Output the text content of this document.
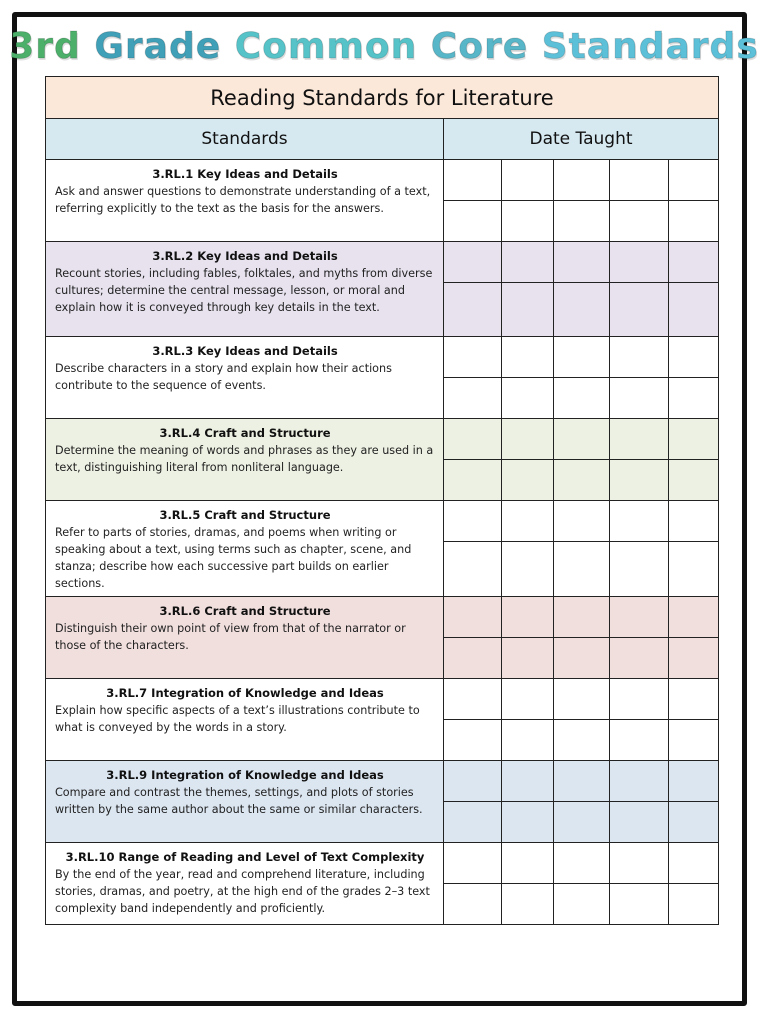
3rd Grade Common Core Standards
Reading Standards for Literature					
Standards	Date Taught				

3.RL.1 Key Ideas and Details
Ask and answer questions to demonstrate understanding of a text, referring explicitly to the text as the basis for the answers.					

3.RL.2 Key Ideas and Details
Recount stories, including fables, folktales, and myths from diverse cultures; determine the central message, lesson, or moral and explain how it is conveyed through key details in the text.					

3.RL.3 Key Ideas and Details
Describe characters in a story and explain how their actions contribute to the sequence of events.					

3.RL.4 Craft and Structure
Determine the meaning of words and phrases as they are used in a text, distinguishing literal from nonliteral language.					

3.RL.5 Craft and Structure
Refer to parts of stories, dramas, and poems when writing or speaking about a text, using terms such as chapter, scene, and stanza; describe how each successive part builds on earlier sections.					

3.RL.6 Craft and Structure
Distinguish their own point of view from that of the narrator or those of the characters.					

3.RL.7 Integration of Knowledge and Ideas
Explain how specific aspects of a text’s illustrations contribute to what is conveyed by the words in a story.					

3.RL.9 Integration of Knowledge and Ideas
Compare and contrast the themes, settings, and plots of stories written by the same author about the same or similar characters.					

3.RL.10 Range of Reading and Level of Text Complexity
By the end of the year, read and comprehend literature, including stories, dramas, and poetry, at the high end of the grades 2–3 text complexity band independently and proficiently.					
